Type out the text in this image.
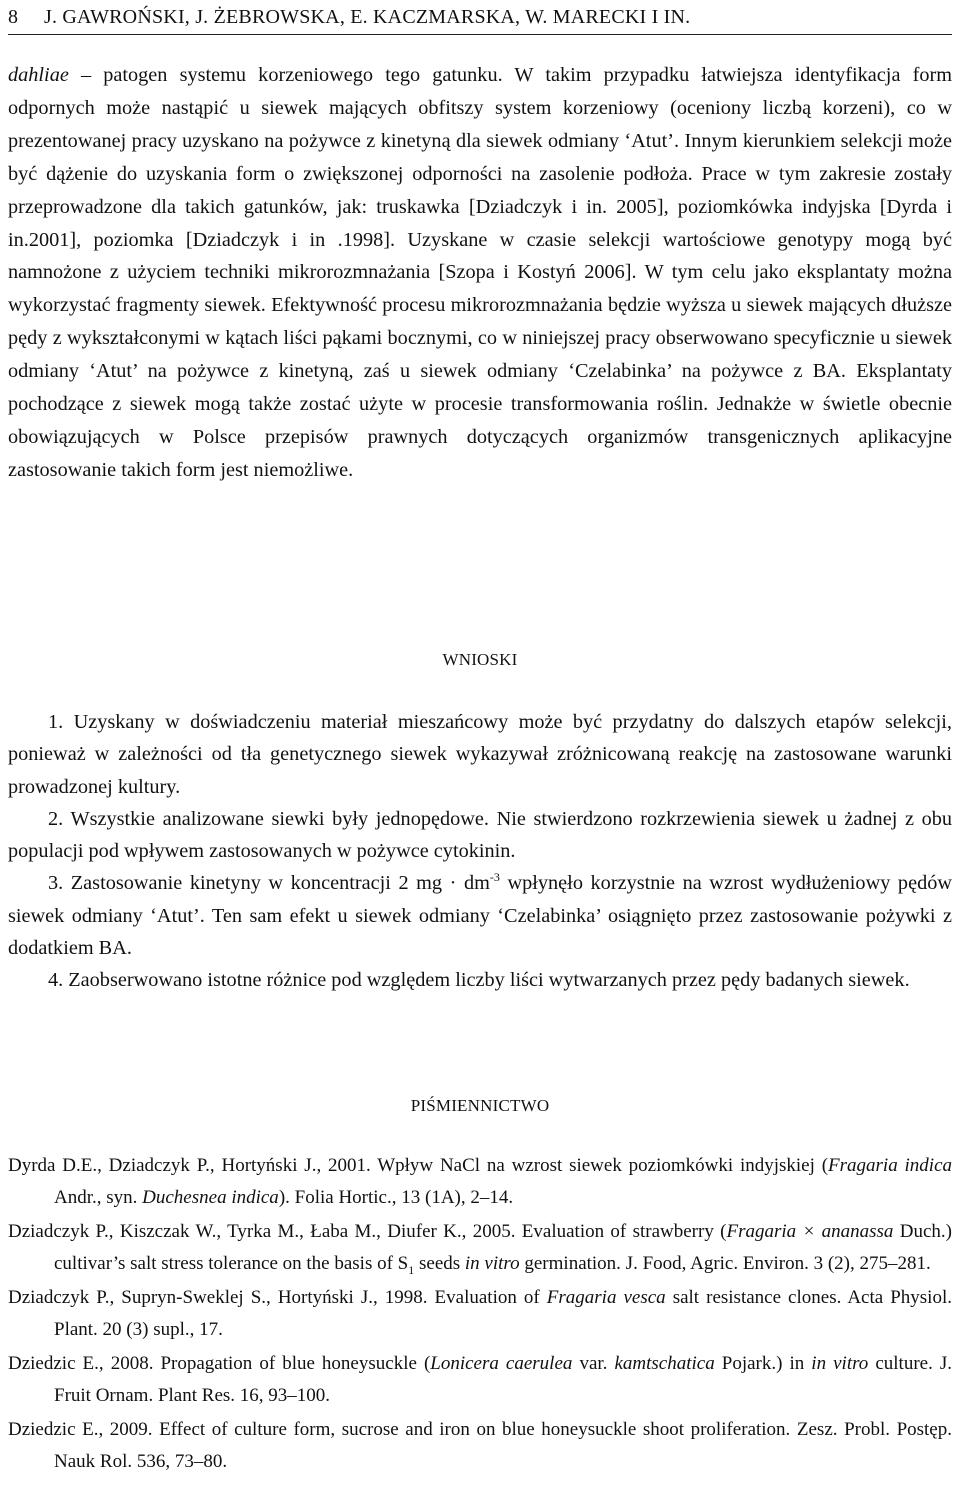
8 J. GAWROŃSKI, J. ŻEBROWSKA, E. KACZMARSKA, W. MARECKI I IN.

dahliae – patogen systemu korzeniowego tego gatunku. W takim przypadku łatwiejsza identyfikacja form odpornych może nastąpić u siewek mających obfitszy system korzeniowy (oceniony liczbą korzeni), co w prezentowanej pracy uzyskano na pożywce z kinetyną dla siewek odmiany ‘Atut’. Innym kierunkiem selekcji może być dążenie do uzyskania form o zwiększonej odporności na zasolenie podłoża. Prace w tym zakresie zostały przeprowadzone dla takich gatunków, jak: truskawka [Dziadczyk i in. 2005], poziomkówka indyjska [Dyrda i in.2001], poziomka [Dziadczyk i in .1998]. Uzyskane w czasie selekcji wartościowe genotypy mogą być namnożone z użyciem techniki mikrorozmnażania [Szopa i Kostyń 2006]. W tym celu jako eksplantaty można wykorzystać fragmenty siewek. Efektywność procesu mikrorozmnażania będzie wyższa u siewek mających dłuższe pędy z wykształconymi w kątach liści pąkami bocznymi, co w niniejszej pracy obserwowano specyficznie u siewek odmiany ‘Atut’ na pożywce z kinetyną, zaś u siewek odmiany ‘Czelabinka’ na pożywce z BA. Eksplantaty pochodzące z siewek mogą także zostać użyte w procesie transformowania roślin. Jednakże w świetle obecnie obowiązujących w Polsce przepisów prawnych dotyczących organizmów transgenicznych aplikacyjne zastosowanie takich form jest niemożliwe.

WNIOSKI

1. Uzyskany w doświadczeniu materiał mieszańcowy może być przydatny do dalszych etapów selekcji, ponieważ w zależności od tła genetycznego siewek wykazywał zróżnicowaną reakcję na zastosowane warunki prowadzonej kultury.

2. Wszystkie analizowane siewki były jednopędowe. Nie stwierdzono rozkrzewienia siewek u żadnej z obu populacji pod wpływem zastosowanych w pożywce cytokinin.

3. Zastosowanie kinetyny w koncentracji 2 mg · $dm^{-3}$ wpłynęło korzystnie na wzrost wydłużeniowy pędów siewek odmiany ‘Atut’. Ten sam efekt u siewek odmiany ‘Czelabinka’ osiągnięto przez zastosowanie pożywki z dodatkiem BA.

4. Zaobserwowano istotne różnice pod względem liczby liści wytwarzanych przez pędy badanych siewek.

PIŚMIENNICTWO

Dyrda D.E., Dziadczyk P., Hortyński J., 2001. Wpływ NaCl na wzrost siewek poziomkówki indyjskiej (Fragaria indica Andr., syn. Duchesnea indica). Folia Hortic., 13 (1A), 2–14.

Dziadczyk P., Kiszczak W., Tyrka M., Łaba M., Diufer K., 2005. Evaluation of strawberry (Fragaria × ananassa Duch.) cultivar’s salt stress tolerance on the basis of $S_1$ seeds in vitro germination. J. Food, Agric. Environ. 3 (2), 275–281.

Dziadczyk P., Supryn-Sweklej S., Hortyński J., 1998. Evaluation of Fragaria vesca salt resistance clones. Acta Physiol. Plant. 20 (3) supl., 17.

Dziedzic E., 2008. Propagation of blue honeysuckle (Lonicera caerulea var. kamtschatica Pojark.) in in vitro culture. J. Fruit Ornam. Plant Res. 16, 93–100.

Dziedzic E., 2009. Effect of culture form, sucrose and iron on blue honeysuckle shoot proliferation. Zesz. Probl. Postęp. Nauk Rol. 536, 73–80.
